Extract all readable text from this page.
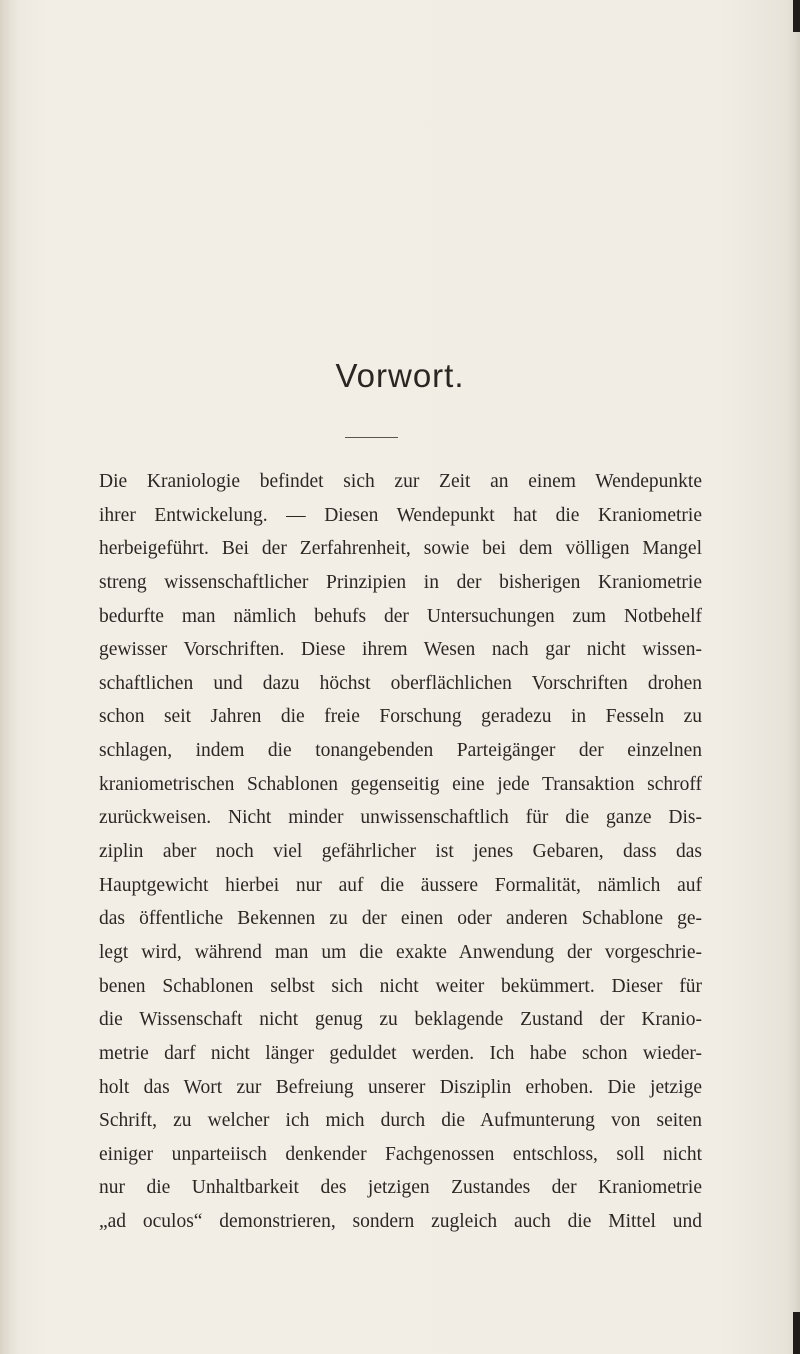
Vorwort.
Die Kraniologie befindet sich zur Zeit an einem Wendepunkte
ihrer Entwickelung. — Diesen Wendepunkt hat die Kraniometrie
herbeigeführt. Bei der Zerfahrenheit, sowie bei dem völligen Mangel
streng wissenschaftlicher Prinzipien in der bisherigen Kraniometrie
bedurfte man nämlich behufs der Untersuchungen zum Notbehelf
gewisser Vorschriften. Diese ihrem Wesen nach gar nicht wissen-
schaftlichen und dazu höchst oberflächlichen Vorschriften drohen
schon seit Jahren die freie Forschung geradezu in Fesseln zu
schlagen, indem die tonangebenden Parteigänger der einzelnen
kraniometrischen Schablonen gegenseitig eine jede Transaktion schroff
zurückweisen. Nicht minder unwissenschaftlich für die ganze Dis-
ziplin aber noch viel gefährlicher ist jenes Gebaren, dass das
Hauptgewicht hierbei nur auf die äussere Formalität, nämlich auf
das öffentliche Bekennen zu der einen oder anderen Schablone ge-
legt wird, während man um die exakte Anwendung der vorgeschrie-
benen Schablonen selbst sich nicht weiter bekümmert. Dieser für
die Wissenschaft nicht genug zu beklagende Zustand der Kranio-
metrie darf nicht länger geduldet werden. Ich habe schon wieder-
holt das Wort zur Befreiung unserer Disziplin erhoben. Die jetzige
Schrift, zu welcher ich mich durch die Aufmunterung von seiten
einiger unparteiisch denkender Fachgenossen entschloss, soll nicht
nur die Unhaltbarkeit des jetzigen Zustandes der Kraniometrie
„ad oculos“ demonstrieren, sondern zugleich auch die Mittel und
